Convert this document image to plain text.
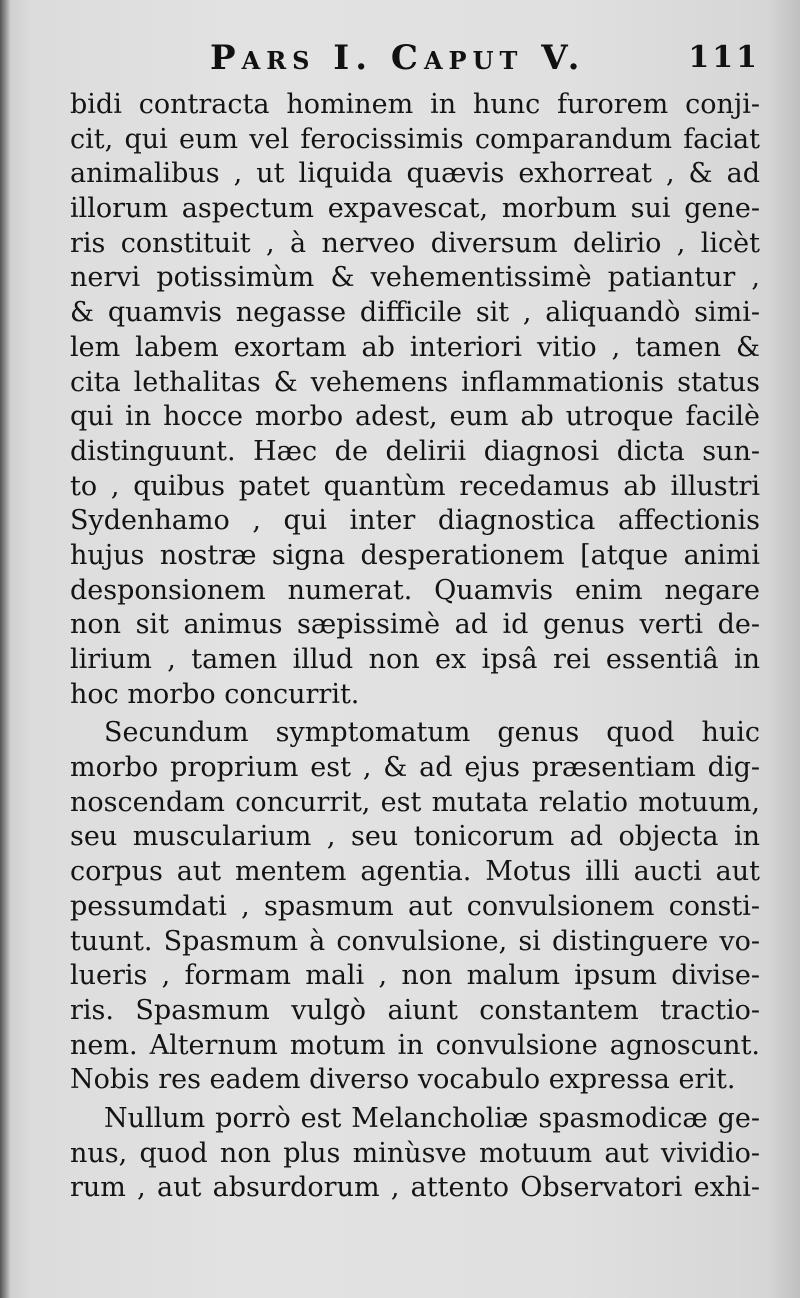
Pars I. Caput V.	111
bidi contracta hominem in hunc furorem conji-
cit, qui eum vel ferocissimis comparandum faciat
animalibus , ut liquida quævis exhorreat , & ad
illorum aspectum expavescat, morbum sui gene-
ris constituit , à nerveo diversum delirio , licèt
nervi potissimùm & vehementissimè patiantur ,
& quamvis negasse difficile sit , aliquandò simi-
lem labem exortam ab interiori vitio , tamen &
cita lethalitas & vehemens inflammationis status
qui in hocce morbo adest, eum ab utroque facilè
distinguunt. Hæc de delirii diagnosi dicta sun-
to , quibus patet quantùm recedamus ab illustri
Sydenhamo , qui inter diagnostica affectionis
hujus nostræ signa desperationem [atque animi
desponsionem numerat. Quamvis enim negare
non sit animus sæpissimè ad id genus verti de-
lirium , tamen illud non ex ipsâ rei essentiâ in
hoc morbo concurrit.
Secundum symptomatum genus quod huic
morbo proprium est , & ad ejus præsentiam dig-
noscendam concurrit, est mutata relatio motuum,
seu muscularium , seu tonicorum ad objecta in
corpus aut mentem agentia. Motus illi aucti aut
pessumdati , spasmum aut convulsionem consti-
tuunt. Spasmum à convulsione, si distinguere vo-
lueris , formam mali , non malum ipsum divise-
ris. Spasmum vulgò aiunt constantem tractio-
nem. Alternum motum in convulsione agnoscunt.
Nobis res eadem diverso vocabulo expressa erit.
Nullum porrò est Melancholiæ spasmodicæ ge-
nus, quod non plus minùsve motuum aut vividio-
rum , aut absurdorum , attento Observatori exhi-
